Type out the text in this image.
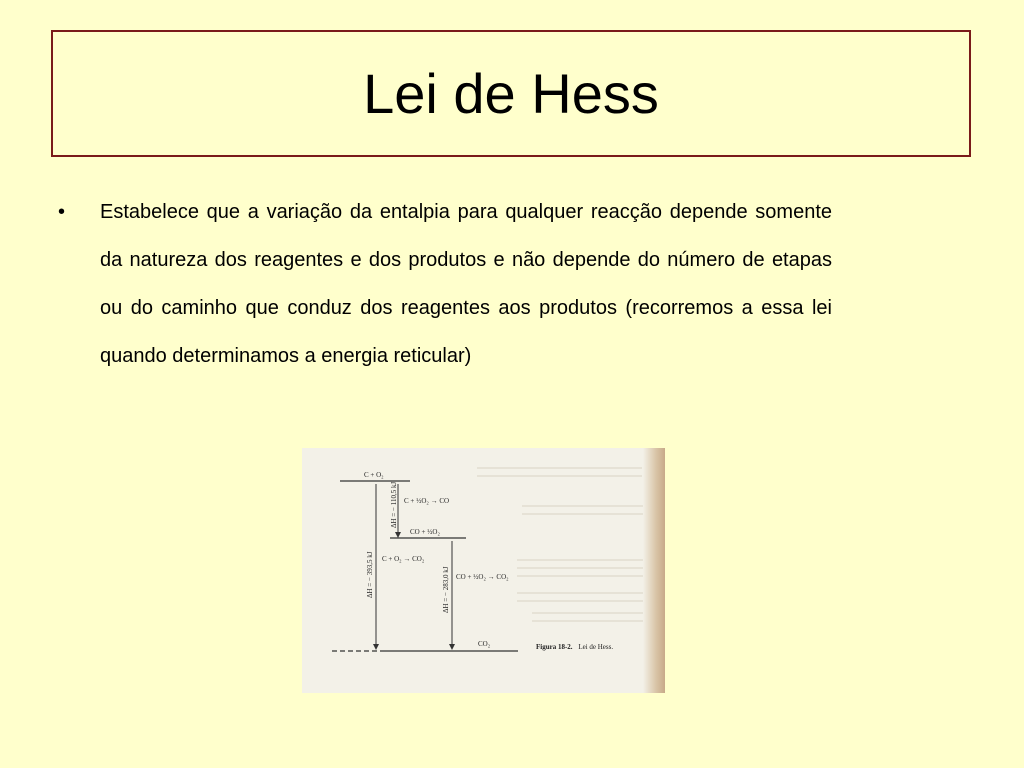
Lei de Hess
•	Estabelece que a variação da entalpia para qualquer reacção depende somente da natureza dos reagentes e dos produtos e não depende do número de etapas ou do caminho que conduz dos reagentes aos produtos (recorremos a essa lei quando determinamos a energia reticular)

C + O₂
CO + ½O₂
CO₂
ΔH = − 393,5 kJ
ΔH = − 110,5 kJ
ΔH = − 283,0 kJ
C + ½O₂ → CO
C + O₂ → CO₂
CO + ½O₂ → CO₂
Figura 18-2. Lei de Hess.
